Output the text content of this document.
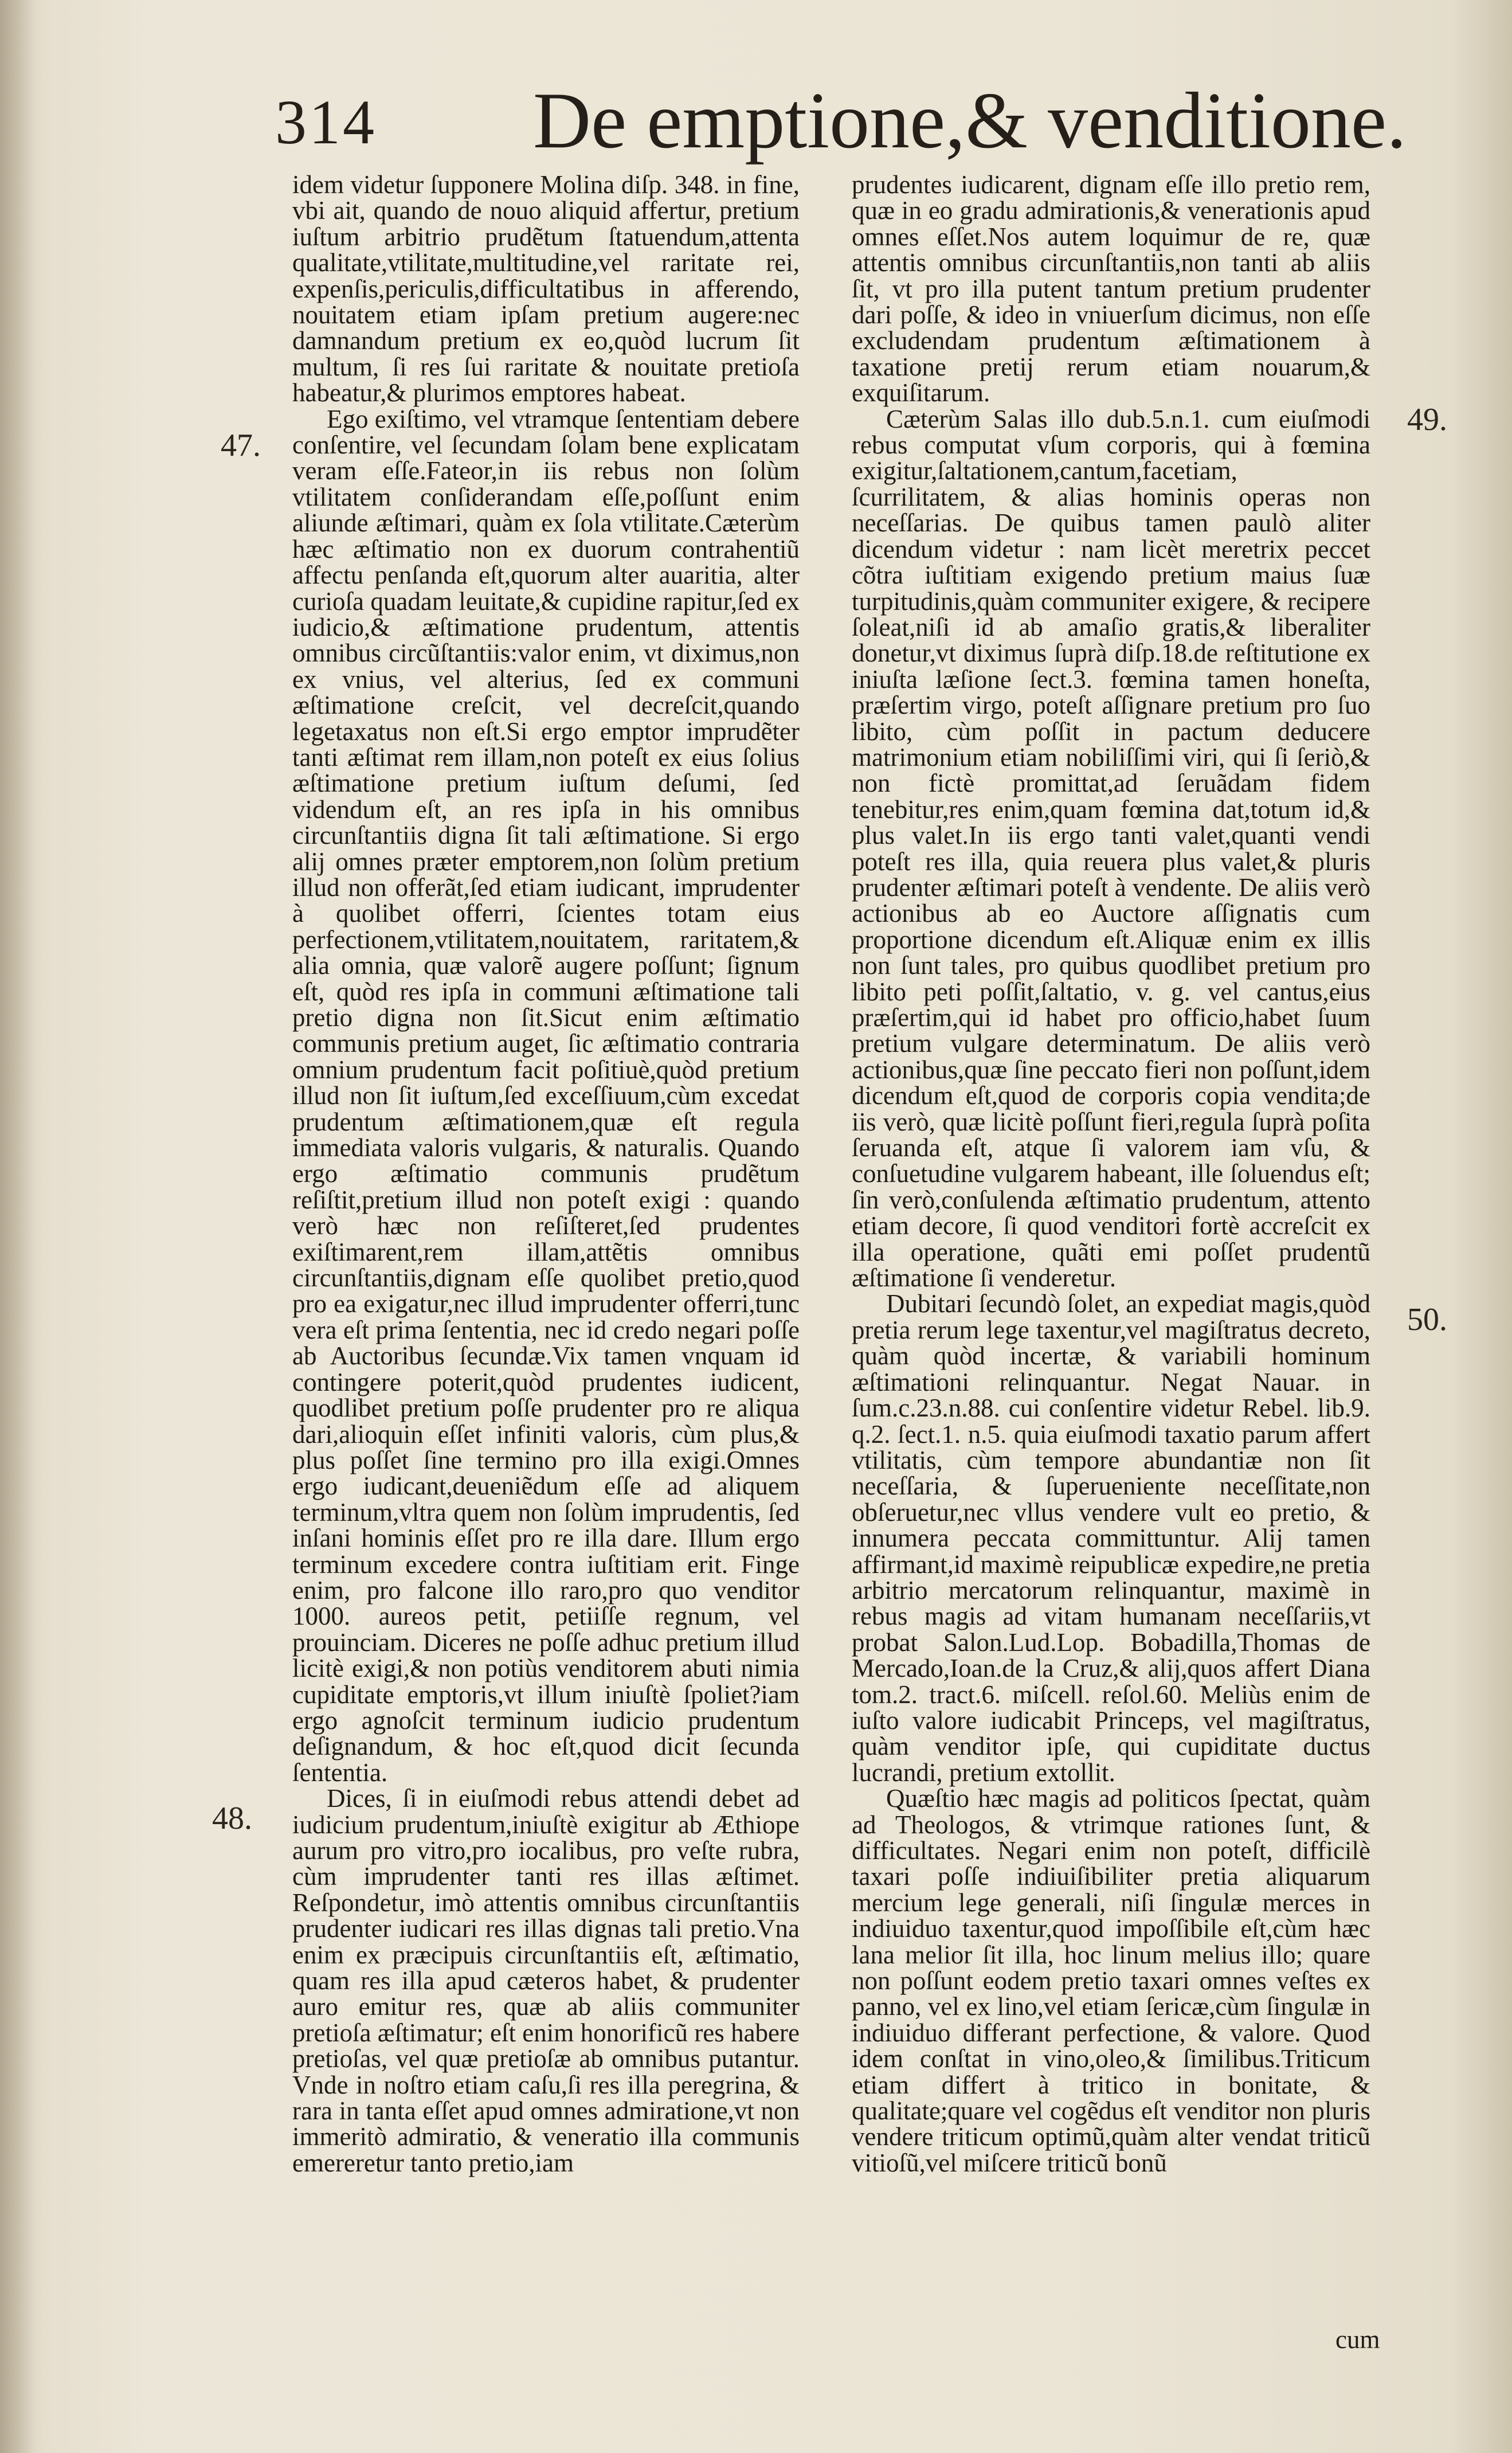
314 De emptione,& venditione.
47.
48.
49.
50.

idem videtur ſupponere Molina diſp. 348. in fine, vbi ait, quando de nouo aliquid affertur, pretium iuſtum arbitrio prudẽtum ſtatuendum,attenta qualitate,vtilitate,multitudine,vel raritate rei, expenſis,periculis,difficultatibus in afferendo, nouitatem etiam ipſam pretium augere:nec damnandum pretium ex eo,quòd lucrum ſit multum, ſi res ſui raritate & nouitate pretioſa habeatur,& plurimos emptores habeat.

Ego exiſtimo, vel vtramque ſententiam debere conſentire, vel ſecundam ſolam bene explicatam veram eſſe.Fateor,in iis rebus non ſolùm vtilitatem conſiderandam eſſe,poſſunt enim aliunde æſtimari, quàm ex ſola vtilitate.Cæterùm hæc æſtimatio non ex duorum contrahentiũ affectu penſanda eſt,quorum alter auaritia, alter curioſa quadam leuitate,& cupidine rapitur,ſed ex iudicio,& æſtimatione prudentum, attentis omnibus circũſtantiis:valor enim, vt diximus,non ex vnius, vel alterius, ſed ex communi æſtimatione creſcit, vel decreſcit,quando legetaxatus non eſt.Si ergo emptor imprudẽter tanti æſtimat rem illam,non poteſt ex eius ſolius æſtimatione pretium iuſtum deſumi, ſed videndum eſt, an res ipſa in his omnibus circunſtantiis digna ſit tali æſtimatione. Si ergo alij omnes præter emptorem,non ſolùm pretium illud non offerãt,ſed etiam iudicant, imprudenter à quolibet offerri, ſcientes totam eius perfectionem,vtilitatem,nouitatem, raritatem,& alia omnia, quæ valorẽ augere poſſunt; ſignum eſt, quòd res ipſa in communi æſtimatione tali pretio digna non ſit.Sicut enim æſtimatio communis pretium auget, ſic æſtimatio contraria omnium prudentum facit poſitiuè,quòd pretium illud non ſit iuſtum,ſed exceſſiuum,cùm excedat prudentum æſtimationem,quæ eſt regula immediata valoris vulgaris, & naturalis. Quando ergo æſtimatio communis prudẽtum reſiſtit,pretium illud non poteſt exigi : quando verò hæc non reſiſteret,ſed prudentes exiſtimarent,rem illam,attẽtis omnibus circunſtantiis,dignam eſſe quolibet pretio,quod pro ea exigatur,nec illud imprudenter offerri,tunc vera eſt prima ſententia, nec id credo negari poſſe ab Auctoribus ſecundæ.Vix tamen vnquam id contingere poterit,quòd prudentes iudicent, quodlibet pretium poſſe prudenter pro re aliqua dari,alioquin eſſet infiniti valoris, cùm plus,& plus poſſet ſine termino pro illa exigi.Omnes ergo iudicant,deueniẽdum eſſe ad aliquem terminum,vltra quem non ſolùm imprudentis, ſed inſani hominis eſſet pro re illa dare. Illum ergo terminum excedere contra iuſtitiam erit. Finge enim, pro falcone illo raro,pro quo venditor 1000. aureos petit, petiiſſe regnum, vel prouinciam. Diceres ne poſſe adhuc pretium illud licitè exigi,& non potiùs venditorem abuti nimia cupiditate emptoris,vt illum iniuſtè ſpoliet?iam ergo agnoſcit terminum iudicio prudentum deſignandum, & hoc eſt,quod dicit ſecunda ſententia.

Dices, ſi in eiuſmodi rebus attendi debet ad iudicium prudentum,iniuſtè exigitur ab Æthiope aurum pro vitro,pro iocalibus, pro veſte rubra, cùm imprudenter tanti res illas æſtimet. Reſpondetur, imò attentis omnibus circunſtantiis prudenter iudicari res illas dignas tali pretio.Vna enim ex præcipuis circunſtantiis eſt, æſtimatio, quam res illa apud cæteros habet, & prudenter auro emitur res, quæ ab aliis communiter pretioſa æſtimatur; eſt enim honorificũ res habere pretioſas, vel quæ pretioſæ ab omnibus putantur. Vnde in noſtro etiam caſu,ſi res illa peregrina, & rara in tanta eſſet apud omnes admiratione,vt non immeritò admiratio, & veneratio illa communis emereretur tanto pretio,iam

prudentes iudicarent, dignam eſſe illo pretio rem, quæ in eo gradu admirationis,& venerationis apud omnes eſſet.Nos autem loquimur de re, quæ attentis omnibus circunſtantiis,non tanti ab aliis ſit, vt pro illa putent tantum pretium prudenter dari poſſe, & ideo in vniuerſum dicimus, non eſſe excludendam prudentum æſtimationem à taxatione pretij rerum etiam nouarum,& exquiſitarum.

Cæterùm Salas illo dub.5.n.1. cum eiuſmodi rebus computat vſum corporis, qui à fœmina exigitur,ſaltationem,cantum,facetiam, ſcurrilitatem, & alias hominis operas non neceſſarias. De quibus tamen paulò aliter dicendum videtur : nam licèt meretrix peccet cõtra iuſtitiam exigendo pretium maius ſuæ turpitudinis,quàm communiter exigere, & recipere ſoleat,niſi id ab amaſio gratis,& liberaliter donetur,vt diximus ſuprà diſp.18.de reſtitutione ex iniuſta læſione ſect.3. fœmina tamen honeſta, præſertim virgo, poteſt aſſignare pretium pro ſuo libito, cùm poſſit in pactum deducere matrimonium etiam nobiliſſimi viri, qui ſi ſeriò,& non fictè promittat,ad ſeruãdam fidem tenebitur,res enim,quam fœmina dat,totum id,& plus valet.In iis ergo tanti valet,quanti vendi poteſt res illa, quia reuera plus valet,& pluris prudenter æſtimari poteſt à vendente. De aliis verò actionibus ab eo Auctore aſſignatis cum proportione dicendum eſt.Aliquæ enim ex illis non ſunt tales, pro quibus quodlibet pretium pro libito peti poſſit,ſaltatio, v. g. vel cantus,eius præſertim,qui id habet pro officio,habet ſuum pretium vulgare determinatum. De aliis verò actionibus,quæ ſine peccato fieri non poſſunt,idem dicendum eſt,quod de corporis copia vendita;de iis verò, quæ licitè poſſunt fieri,regula ſuprà poſita ſeruanda eſt, atque ſi valorem iam vſu, & conſuetudine vulgarem habeant, ille ſoluendus eſt; ſin verò,conſulenda æſtimatio prudentum, attento etiam decore, ſi quod venditori fortè accreſcit ex illa operatione, quãti emi poſſet prudentũ æſtimatione ſi venderetur.

Dubitari ſecundò ſolet, an expediat magis,quòd pretia rerum lege taxentur,vel magiſtratus decreto, quàm quòd incertæ, & variabili hominum æſtimationi relinquantur. Negat Nauar. in ſum.c.23.n.88. cui conſentire videtur Rebel. lib.9. q.2. ſect.1. n.5. quia eiuſmodi taxatio parum affert vtilitatis, cùm tempore abundantiæ non ſit neceſſaria, & ſuperueniente neceſſitate,non obſeruetur,nec vllus vendere vult eo pretio, & innumera peccata committuntur. Alij tamen affirmant,id maximè reipublicæ expedire,ne pretia arbitrio mercatorum relinquantur, maximè in rebus magis ad vitam humanam neceſſariis,vt probat Salon.Lud.Lop. Bobadilla,Thomas de Mercado,Ioan.de la Cruz,& alij,quos affert Diana tom.2. tract.6. miſcell. reſol.60. Meliùs enim de iuſto valore iudicabit Princeps, vel magiſtratus, quàm venditor ipſe, qui cupiditate ductus lucrandi, pretium extollit.

Quæſtio hæc magis ad politicos ſpectat, quàm ad Theologos, & vtrimque rationes ſunt, & difficultates. Negari enim non poteſt, difficilè taxari poſſe indiuiſibiliter pretia aliquarum mercium lege generali, niſi ſingulæ merces in indiuiduo taxentur,quod impoſſibile eſt,cùm hæc lana melior ſit illa, hoc linum melius illo; quare non poſſunt eodem pretio taxari omnes veſtes ex panno, vel ex lino,vel etiam ſericæ,cùm ſingulæ in indiuiduo differant perfectione, & valore. Quod idem conſtat in vino,oleo,& ſimilibus.Triticum etiam differt à tritico in bonitate, & qualitate;quare vel cogẽdus eſt venditor non pluris vendere triticum optimũ,quàm alter vendat triticũ vitioſũ,vel miſcere triticũ bonũ

cum
